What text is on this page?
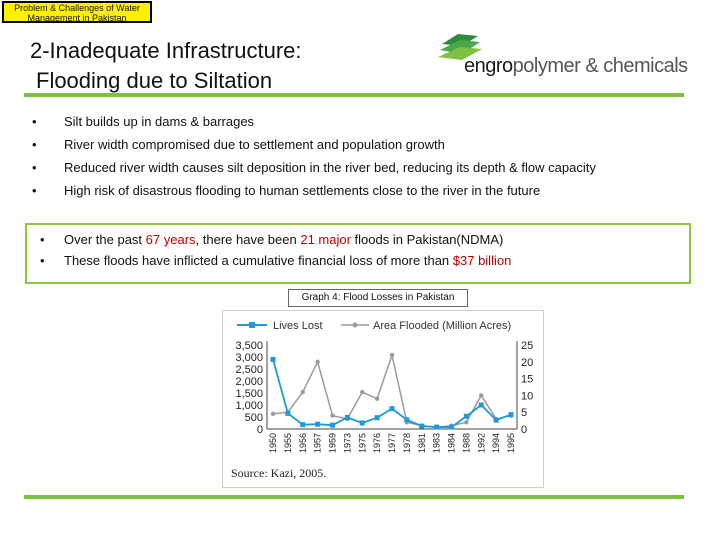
Problem & Challenges of Water
Management in Pakistan
2-Inadequate Infrastructure:
Flooding due to Siltation
engropolymer & chemicals
• Silt builds up in dams & barrages
• River width compromised due to settlement and population growth
• Reduced river width causes silt deposition in the river bed, reducing its depth & flow capacity
• High risk of disastrous flooding to human settlements close to the river in the future
• Over the past 67 years, there have been 21 major floods in Pakistan(NDMA)
• These floods have inflicted a cumulative financial loss of more than $37 billion
Graph 4: Flood Losses in Pakistan
Lives Lost	Area Flooded (Million Acres)
3,500
3,000
2,500
2,000
1,500
1,000
500
0
25
20
15
10
5
0
1950 1955 1956 1957 1959 1973 1975 1976 1977 1978 1981 1983 1984 1988 1992 1994 1995
Source: Kazi, 2005.
